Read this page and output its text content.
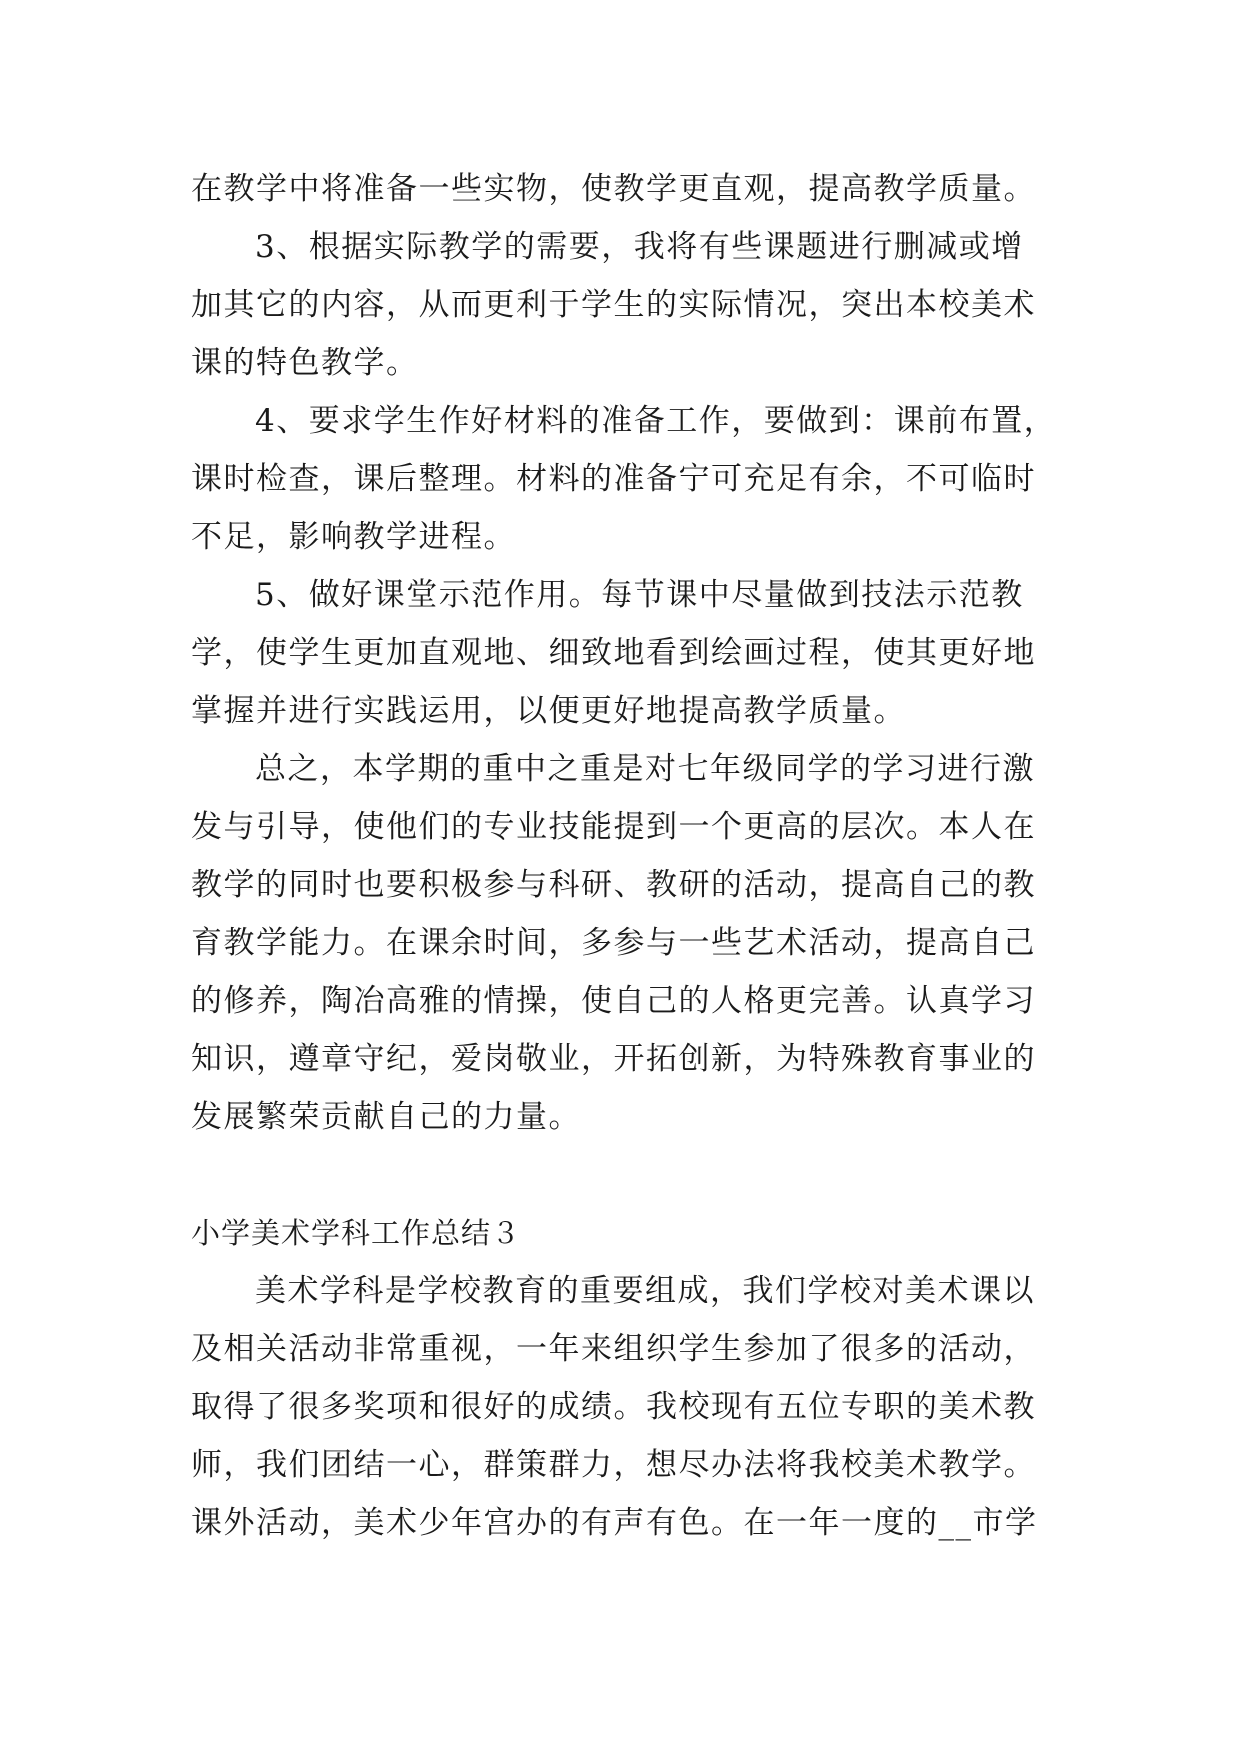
在教学中将准备一些实物，使教学更直观，提高教学质量。
3、根据实际教学的需要，我将有些课题进行删减或增
加其它的内容，从而更利于学生的实际情况，突出本校美术
课的特色教学。
4、要求学生作好材料的准备工作，要做到：课前布置，
课时检查，课后整理。材料的准备宁可充足有余，不可临时
不足，影响教学进程。
5、做好课堂示范作用。每节课中尽量做到技法示范教
学，使学生更加直观地、细致地看到绘画过程，使其更好地
掌握并进行实践运用，以便更好地提高教学质量。
总之，本学期的重中之重是对七年级同学的学习进行激
发与引导，使他们的专业技能提到一个更高的层次。本人在
教学的同时也要积极参与科研、教研的活动，提高自己的教
育教学能力。在课余时间，多参与一些艺术活动，提高自己
的修养，陶冶高雅的情操，使自己的人格更完善。认真学习
知识，遵章守纪，爱岗敬业，开拓创新，为特殊教育事业的
发展繁荣贡献自己的力量。
小学美术学科工作总结３
美术学科是学校教育的重要组成，我们学校对美术课以
及相关活动非常重视，一年来组织学生参加了很多的活动，
取得了很多奖项和很好的成绩。我校现有五位专职的美术教
师，我们团结一心，群策群力，想尽办法将我校美术教学。
课外活动，美术少年宫办的有声有色。在一年一度的__市学
